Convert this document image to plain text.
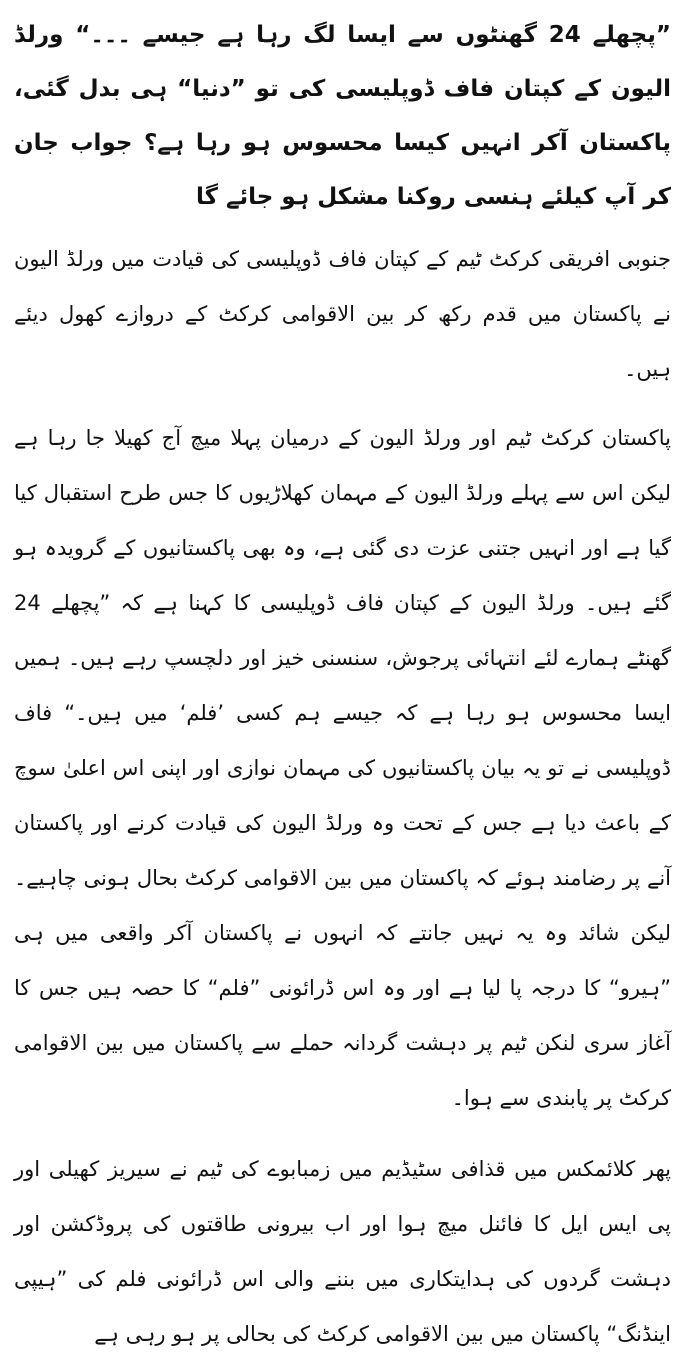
”پچھلے 24 گھنٹوں سے ایسا لگ رہا ہے جیسے ۔۔۔“ ورلڈ الیون کے کپتان فاف ڈوپلیسی کی تو ”دنیا“ ہی بدل گئی، پاکستان آکر انہیں کیسا محسوس ہو رہا ہے؟ جواب جان کر آپ کیلئے ہنسی روکنا مشکل ہو جائے گا

جنوبی افریقی کرکٹ ٹیم کے کپتان فاف ڈوپلیسی کی قیادت میں ورلڈ الیون نے پاکستان میں قدم رکھ کر بین الاقوامی کرکٹ کے دروازے کھول دیئے ہیں۔

پاکستان کرکٹ ٹیم اور ورلڈ الیون کے درمیان پہلا میچ آج کھیلا جا رہا ہے لیکن اس سے پہلے ورلڈ الیون کے مہمان کھلاڑیوں کا جس طرح استقبال کیا گیا ہے اور انہیں جتنی عزت دی گئی ہے، وہ بھی پاکستانیوں کے گرویدہ ہو گئے ہیں۔ ورلڈ الیون کے کپتان فاف ڈوپلیسی کا کہنا ہے کہ ”پچھلے 24 گھنٹے ہمارے لئے انتہائی پرجوش، سنسنی خیز اور دلچسپ رہے ہیں۔ ہمیں ایسا محسوس ہو رہا ہے کہ جیسے ہم کسی ’فلم‘ میں ہیں۔“ فاف ڈوپلیسی نے تو یہ بیان پاکستانیوں کی مہمان نوازی اور اپنی اس اعلیٰ سوچ کے باعث دیا ہے جس کے تحت وہ ورلڈ الیون کی قیادت کرنے اور پاکستان آنے پر رضامند ہوئے کہ پاکستان میں بین الاقوامی کرکٹ بحال ہونی چاہیے۔ لیکن شائد وہ یہ نہیں جانتے کہ انہوں نے پاکستان آکر واقعی میں ہی ”ہیرو“ کا درجہ پا لیا ہے اور وہ اس ڈرائونی ”فلم“ کا حصہ ہیں جس کا آغاز سری لنکن ٹیم پر دہشت گردانہ حملے سے پاکستان میں بین الاقوامی کرکٹ پر پابندی سے ہوا۔

پھر کلائمکس میں قذافی سٹیڈیم میں زمبابوے کی ٹیم نے سیریز کھیلی اور پی ایس ایل کا فائنل میچ ہوا اور اب بیرونی طاقتوں کی پروڈکشن اور دہشت گردوں کی ہدایتکاری میں بننے والی اس ڈرائونی فلم کی ”ہیپی اینڈنگ“ پاکستان میں بین الاقوامی کرکٹ کی بحالی پر ہو رہی ہے
